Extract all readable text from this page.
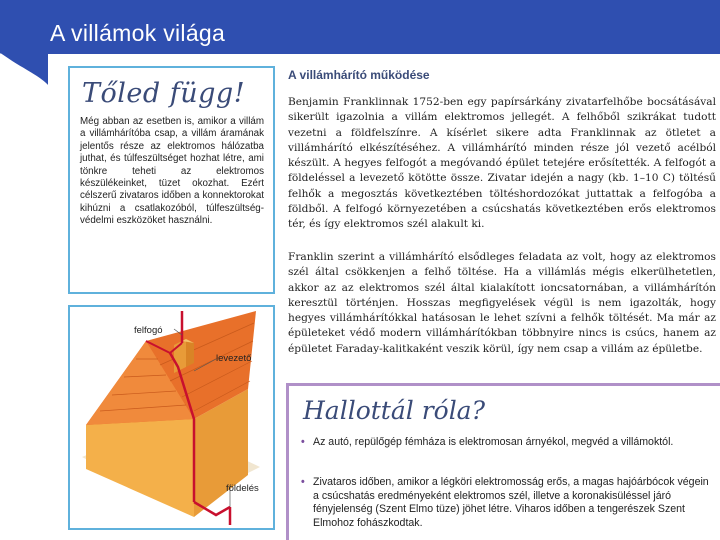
A villámok világa
Tőled függ!
Még abban az esetben is, amikor a villám a villámhárítóba csap, a villám áramának jelentős része az elektromos hálózatba juthat, és túlfeszültséget hozhat létre, ami tönkre teheti az elektromos készülékeinket, tüzet okozhat. Ezért célszerű zivataros időben a konnektorokat kihúzni a csatlakozóból, túlfeszültség-védelmi eszközöket használni.
felfogó
levezető
földelés
A villámhárító működése
Benjamin Franklinnak 1752-ben egy papírsárkány zivatarfelhőbe bocsátásával sikerült igazolnia a villám elektromos jellegét. A felhőből szikrákat tudott vezetni a földfelszínre. A kísérlet sikere adta Franklinnak az ötletet a villámhárító elkészítéséhez. A villámhárító minden része jól vezető acélból készült. A hegyes felfogót a megóvandó épület tetejére erősítették. A felfogót a földeléssel a levezető kötötte össze. Zivatar idején a nagy (kb. 1–10 C) töltésű felhők a megosztás következtében töltéshordozókat juttattak a felfogóba a földből. A felfogó környezetében a csúcshatás következtében erős elektromos tér, és így elektromos szél alakult ki.
Franklin szerint a villámhárító elsődleges feladata az volt, hogy az elektromos szél által csökkenjen a felhő töltése. Ha a villámlás mégis elkerülhetetlen, akkor az az elektromos szél által kialakított ioncsatornában, a villámhárítón keresztül történjen. Hosszas megfigyelések végül is nem igazolták, hogy hegyes villámhárítókkal hatásosan le lehet szívni a felhők töltését. Ma már az épületeket védő modern villámhárítókban többnyire nincs is csúcs, hanem az épületet Faraday-kalitkaként veszik körül, így nem csap a villám az épületbe.
Hallottál róla?
• Az autó, repülőgép fémháza is elektromosan árnyékol, megvéd a villámoktól.
• Zivataros időben, amikor a légköri elektromosság erős, a magas hajóárbócok végein a csúcshatás eredményeként elektromos szél, illetve a koronakisüléssel járó fényjelenség (Szent Elmo tüze) jöhet létre. Viharos időben a tengerészek Szent Elmohoz fohászkodtak.
